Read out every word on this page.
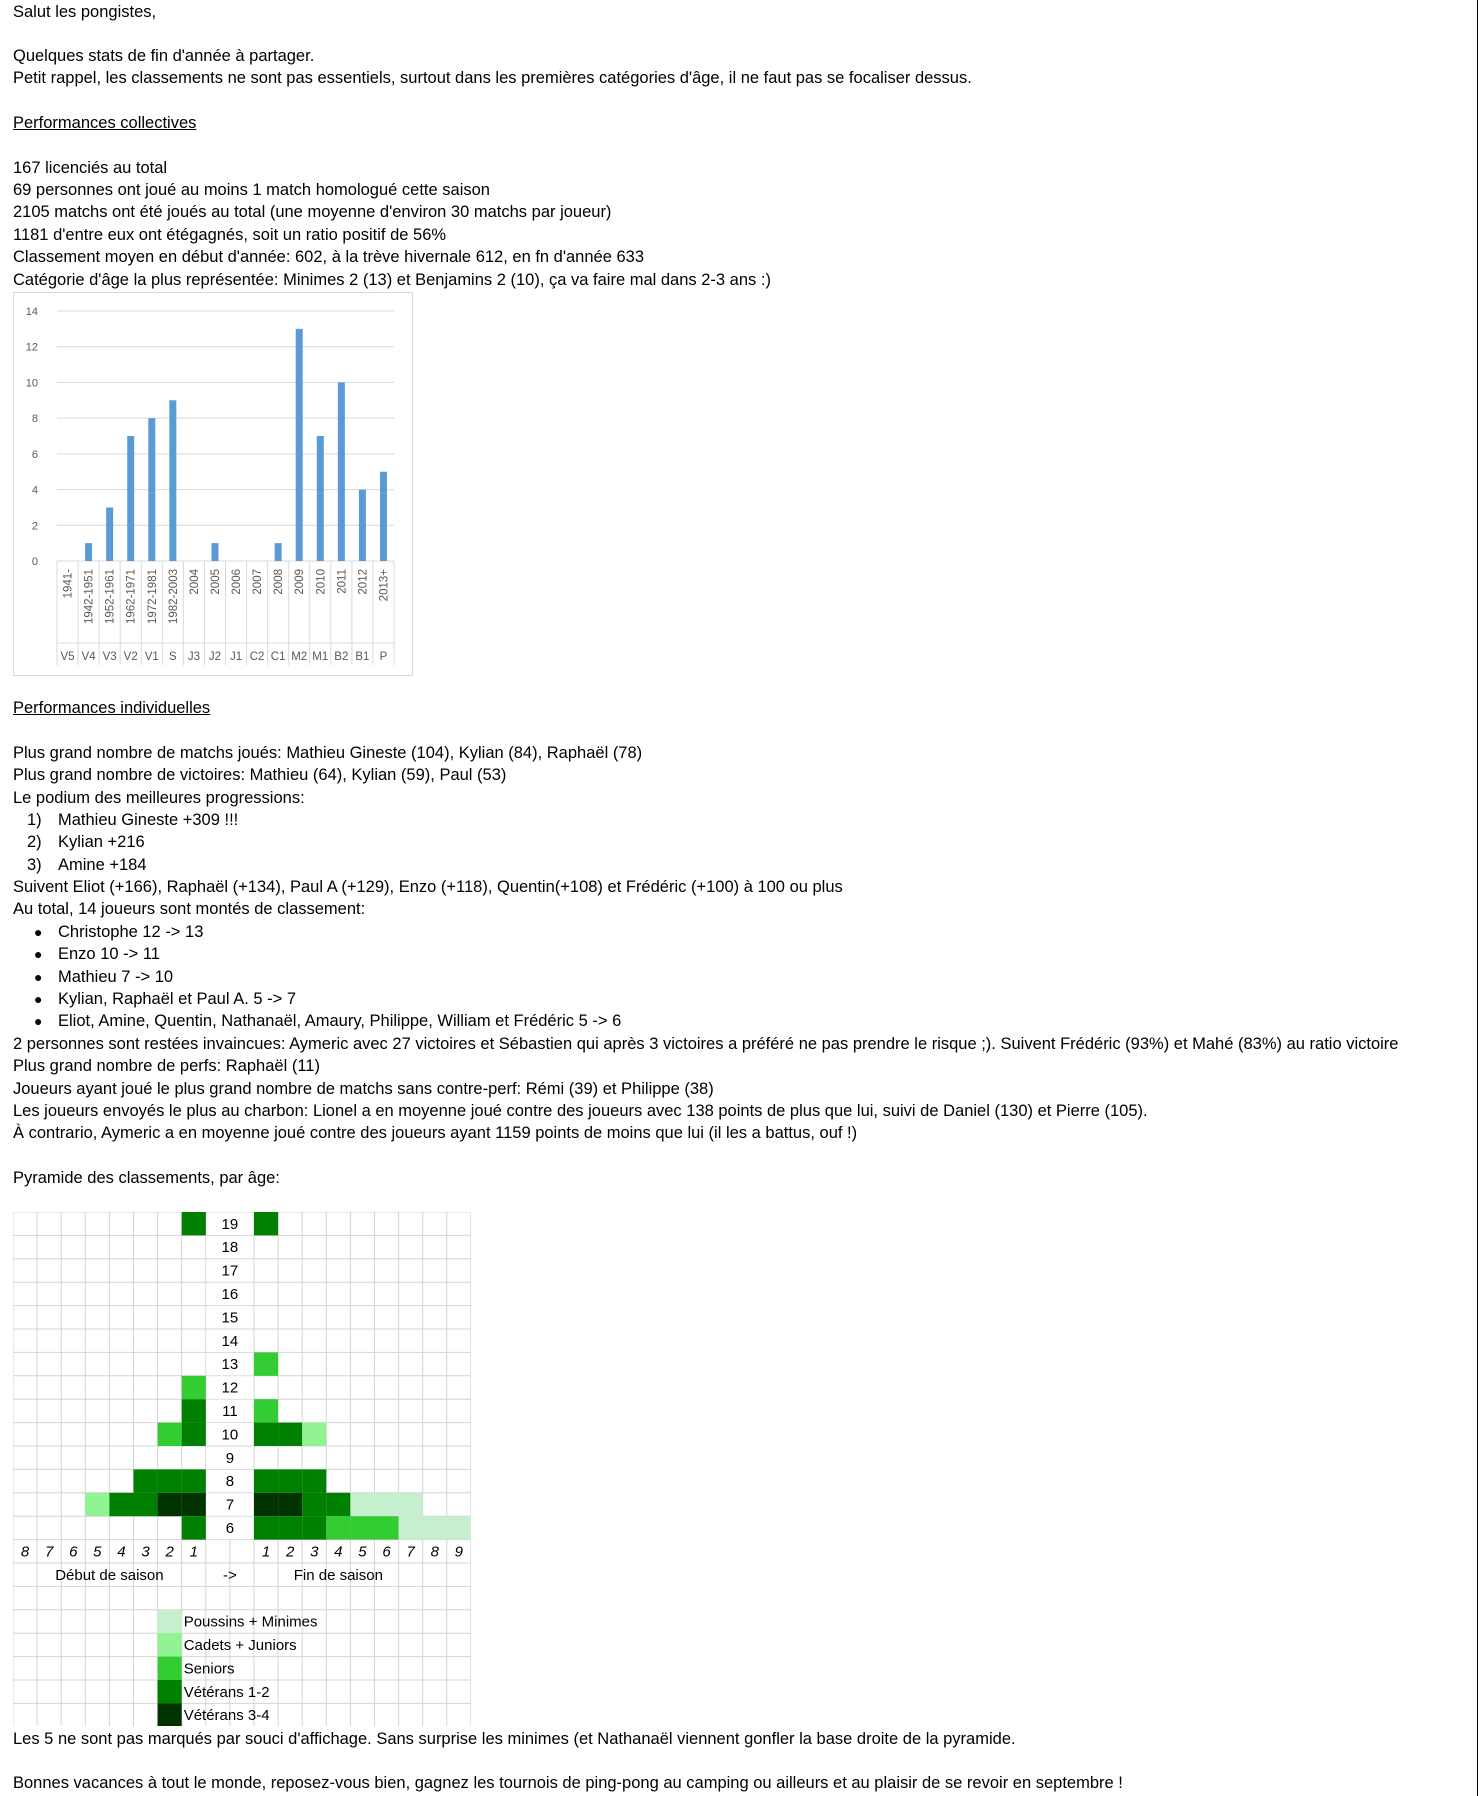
Salut les pongistes,
Quelques stats de fin d'année à partager.
Petit rappel, les classements ne sont pas essentiels, surtout dans les premières catégories d'âge, il ne faut pas se focaliser dessus.
Performances collectives
167 licenciés au total
69 personnes ont joué au moins 1 match homologué cette saison
2105 matchs ont été joués au total (une moyenne d'environ 30 matchs par joueur)
1181 d'entre eux ont étégagnés, soit un ratio positif de 56%
Classement moyen en début d'année: 602, à la trève hivernale 612, en fn d'année 633
Catégorie d'âge la plus représentée: Minimes 2 (13) et Benjamins 2 (10), ça va faire mal dans 2-3 ans :)
0
2
4
6
8
10
12
14
1941-
V5
1942-1951
V4
1952-1961
V3
1962-1971
V2
1972-1981
V1
1982-2003
S
2004
J3
2005
J2
2006
J1
2007
C2
2008
C1
2009
M2
2010
M1
2011
B2
2012
B1
2013+
P
Performances individuelles
Plus grand nombre de matchs joués: Mathieu Gineste (104), Kylian (84), Raphaël (78)
Plus grand nombre de victoires: Mathieu (64), Kylian (59), Paul (53)
Le podium des meilleures progressions:
1) Mathieu Gineste +309 !!!
2) Kylian +216
3) Amine +184
Suivent Eliot (+166), Raphaël (+134), Paul A (+129), Enzo (+118), Quentin(+108) et Frédéric (+100) à 100 ou plus
Au total, 14 joueurs sont montés de classement:
● Christophe 12 -> 13
● Enzo 10 -> 11
● Mathieu 7 -> 10
● Kylian, Raphaël et Paul A. 5 -> 7
● Eliot, Amine, Quentin, Nathanaël, Amaury, Philippe, William et Frédéric 5 -> 6
2 personnes sont restées invaincues: Aymeric avec 27 victoires et Sébastien qui après 3 victoires a préféré ne pas prendre le risque ;). Suivent Frédéric (93%) et Mahé (83%) au ratio victoire
Plus grand nombre de perfs: Raphaël (11)
Joueurs ayant joué le plus grand nombre de matchs sans contre-perf: Rémi (39) et Philippe (38)
Les joueurs envoyés le plus au charbon: Lionel a en moyenne joué contre des joueurs avec 138 points de plus que lui, suivi de Daniel (130) et Pierre (105).
À contrario, Aymeric a en moyenne joué contre des joueurs ayant 1159 points de moins que lui (il les a battus, ouf !)
Pyramide des classements, par âge:
19
18
17
16
15
14
13
12
11
10
9
8
7
6
8 7 6 5 4 3 2 1	1 2 3 4 5 6 7 8 9
Début de saison	->	Fin de saison
Poussins + Minimes
Cadets + Juniors
Seniors
Vétérans 1-2
Vétérans 3-4
Les 5 ne sont pas marqués par souci d'affichage. Sans surprise les minimes (et Nathanaël viennent gonfler la base droite de la pyramide.
Bonnes vacances à tout le monde, reposez-vous bien, gagnez les tournois de ping-pong au camping ou ailleurs et au plaisir de se revoir en septembre !
